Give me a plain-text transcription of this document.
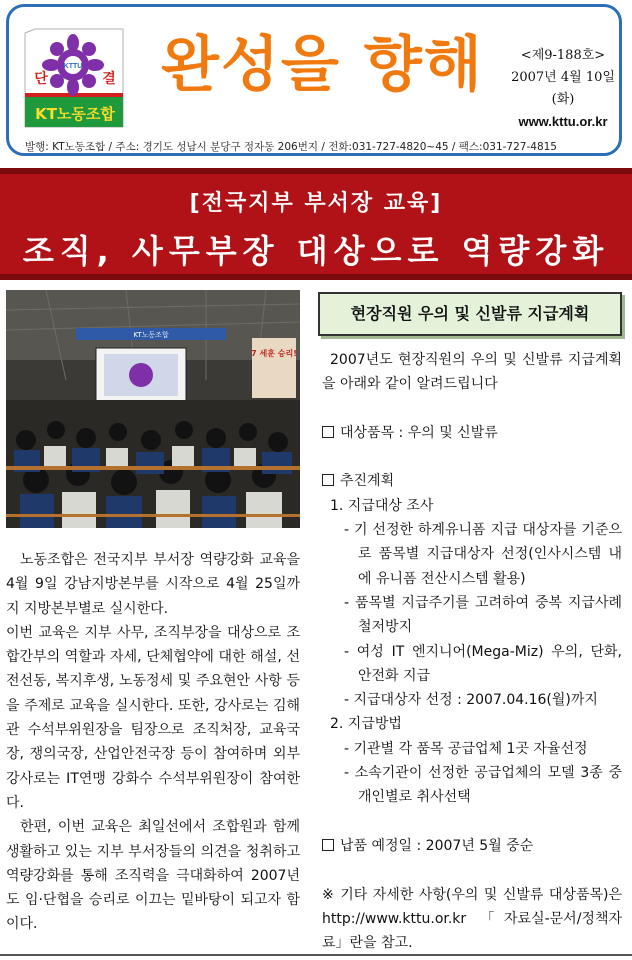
KTTU
단	결
KT노동조합
완성을 향해	<제9-188호>
2007년 4월 10일(화)
www.kttu.or.kr
발행: KT노동조합 / 주소: 경기도 성남시 분당구 정자동 206번지 / 전화:031-727-4820~45 / 팩스:031-727-4815
[전국지부 부서장 교육]
조직, 사무부장 대상으로 역량강화
KT노동조합
7 세훈 승리!

노동조합은 전국지부 부서장 역량강화 교육을 4월 9일 강남지방본부를 시작으로 4월 25일까지 지방본부별로 실시한다.

이번 교육은 지부 사무, 조직부장을 대상으로 조합간부의 역할과 자세, 단체협약에 대한 해설, 선전선동, 복지후생, 노동정세 및 주요현안 사항 등을 주제로 교육을 실시한다. 또한, 강사로는 김해관 수석부위원장을 팀장으로 조직처장, 교육국장, 쟁의국장, 산업안전국장 등이 참여하며 외부강사로는 IT연맹 강화수 수석부위원장이 참여한다.

한편, 이번 교육은 최일선에서 조합원과 함께 생활하고 있는 지부 부서장들의 의견을 청취하고 역량강화를 통해 조직력을 극대화하여 2007년도 임·단협을 승리로 이끄는 밑바탕이 되고자 함이다.

현장직원 우의 및 신발류 지급계획
2007년도 현장직원의 우의 및 신발류 지급계획을 아래와 같이 알려드립니다
대상품목 : 우의 및 신발류
추진계획
1. 지급대상 조사
- 기 선정한 하계유니폼 지급 대상자를 기준으로 품목별 지급대상자 선정(인사시스템 내에 유니폼 전산시스템 활용)
- 품목별 지급주기를 고려하여 중복 지급사례 철저방지
- 여성 IT 엔지니어(Mega-Miz) 우의, 단화, 안전화 지급
- 지급대상자 선정 : 2007.04.16(월)까지
2. 지급방법
- 기관별 각 품목 공급업체 1곳 자율선정
- 소속기관이 선정한 공급업체의 모델 3종 중 개인별로 취사선택
납품 예정일 : 2007년 5월 중순
※ 기타 자세한 사항(우의 및 신발류 대상품목)은 http://www.kttu.or.kr 「자료실-문서/정책자료」란을 참고.
